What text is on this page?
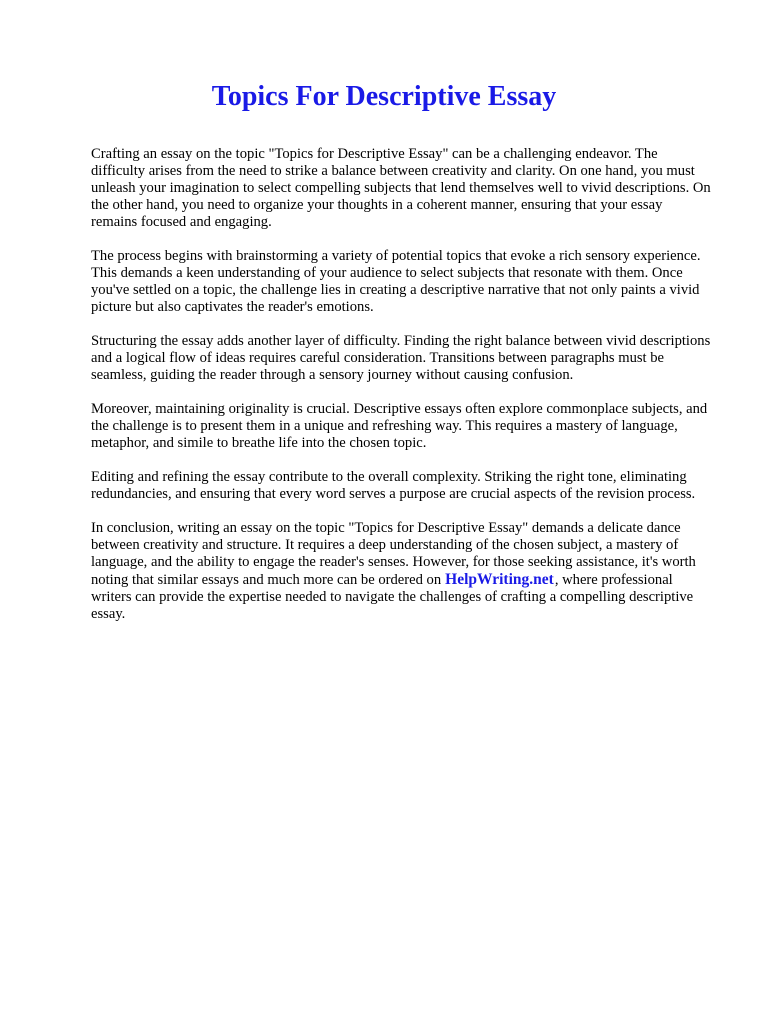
Topics For Descriptive Essay

Crafting an essay on the topic "Topics for Descriptive Essay" can be a challenging endeavor. The difficulty arises from the need to strike a balance between creativity and clarity. On one hand, you must unleash your imagination to select compelling subjects that lend themselves well to vivid descriptions. On the other hand, you need to organize your thoughts in a coherent manner, ensuring that your essay remains focused and engaging.

The process begins with brainstorming a variety of potential topics that evoke a rich sensory experience. This demands a keen understanding of your audience to select subjects that resonate with them. Once you've settled on a topic, the challenge lies in creating a descriptive narrative that not only paints a vivid picture but also captivates the reader's emotions.

Structuring the essay adds another layer of difficulty. Finding the right balance between vivid descriptions and a logical flow of ideas requires careful consideration. Transitions between paragraphs must be seamless, guiding the reader through a sensory journey without causing confusion.

Moreover, maintaining originality is crucial. Descriptive essays often explore commonplace subjects, and the challenge is to present them in a unique and refreshing way. This requires a mastery of language, metaphor, and simile to breathe life into the chosen topic.

Editing and refining the essay contribute to the overall complexity. Striking the right tone, eliminating redundancies, and ensuring that every word serves a purpose are crucial aspects of the revision process.

In conclusion, writing an essay on the topic "Topics for Descriptive Essay" demands a delicate dance between creativity and structure. It requires a deep understanding of the chosen subject, a mastery of language, and the ability to engage the reader's senses. However, for those seeking assistance, it's worth noting that similar essays and much more can be ordered on HelpWriting.net, where professional writers can provide the expertise needed to navigate the challenges of crafting a compelling descriptive essay.
